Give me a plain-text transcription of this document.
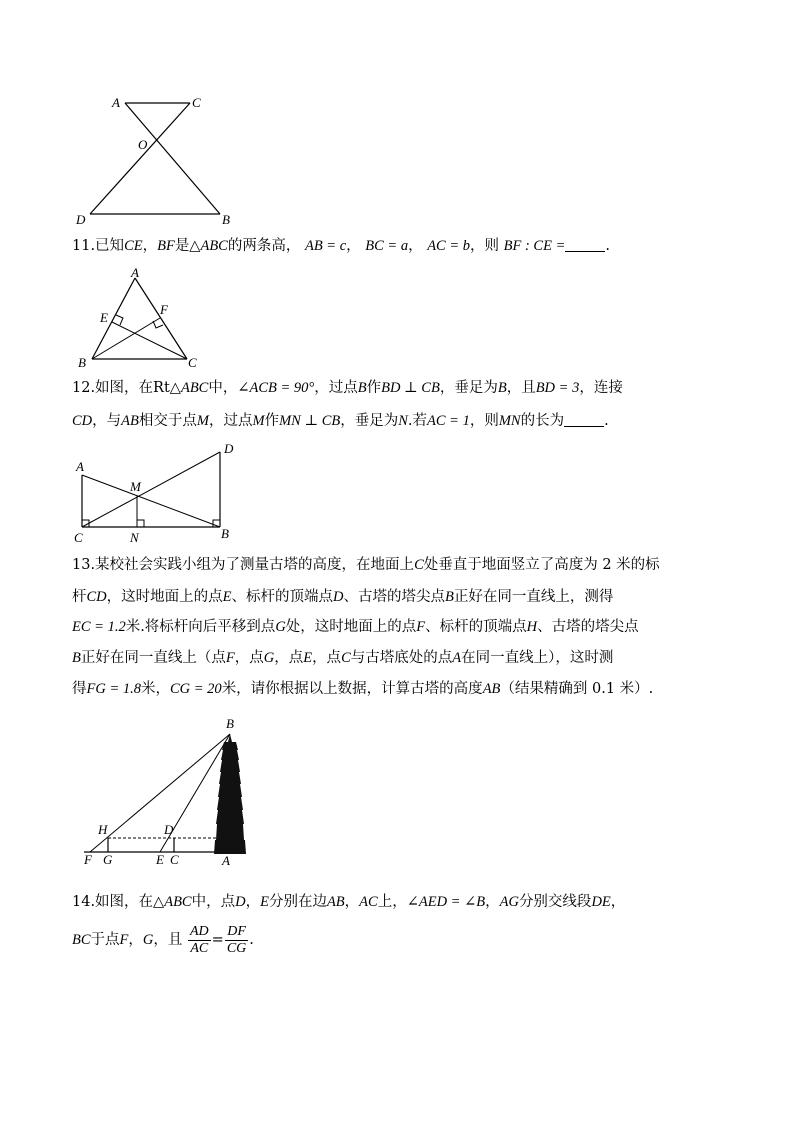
A	C
O
D	B
11.已知CE，BF是△ABC的两条高， AB = c， BC = a， AC = b，则 BF : CE =	.
A
E
F
B	C
12.如图，在Rt△ABC中，∠ACB = 90°，过点B作BD ⊥ CB，垂足为B，且BD = 3，连接
CD，与AB相交于点M，过点M作MN ⊥ CB，垂足为N.若AC = 1，则MN的长为	.
A
D
M
C	N	B
13.某校社会实践小组为了测量古塔的高度，在地面上C处垂直于地面竖立了高度为 2 米的标
杆CD，这时地面上的点E、标杆的顶端点D、古塔的塔尖点B正好在同一直线上，测得
EC = 1.2米.将标杆向后平移到点G处，这时地面上的点F、标杆的顶端点H、古塔的塔尖点
B正好在同一直线上（点F，点G，点E，点C与古塔底处的点A在同一直线上），这时测
得FG = 1.8米，CG = 20米，请你根据以上数据，计算古塔的高度AB（结果精确到 0.1 米）.
B
H	D
F G	E C	A
14.如图，在△ABC中，点D，E分别在边AB，AC上，∠AED = ∠B，AG分别交线段DE，
BC于点F，G，且 $\frac{AD}{AC} = \frac{DF}{CG}$ .
